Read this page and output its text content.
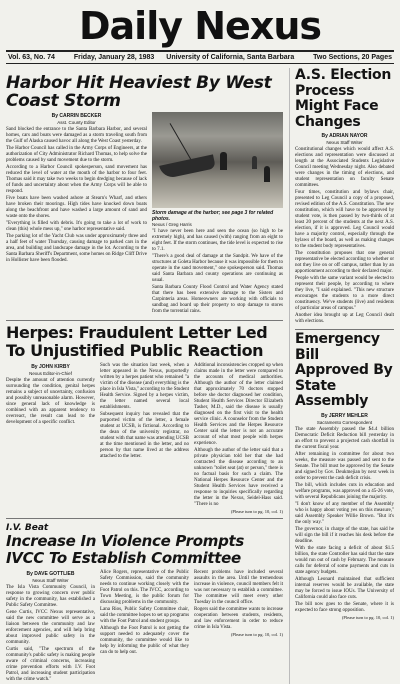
Daily Nexus
Vol. 63, No. 74	Friday, January 28, 1983 University of California, Santa Barbara	Two Sections, 20 Pages
Harbor Hit Heaviest By West Coast Storm
By CARRIN BECKER
Asst. County Editor

Sand blocked the entrance to the Santa Barbara Harbor, and several homes, cars and boats were damaged as a storm traveling south from the Gulf of Alaska caused havoc all along the West Coast yesterday.

The Harbor Council has called in the Army Corps of Engineers, at the authorization of City Administrator Richard Thomas, to help solve the problems caused by sand movement due to the storm.

According to a Harbor Council spokesperson, sand movement has reduced the level of water at the mouth of the harbor to four feet. Thomas said it may take two weeks to begin dredging because of lack of funds and uncertainty about when the Army Corps will be able to respond.

Five boats have been washed ashore at Stearn's Wharf, and others have broken their moorings. High tides have knocked down boats along the beachfront and have washed a large amount of sand and waste onto the shores.

"Everything is filled with debris. It's going to take a lot of work to clean (this) whole mess up," one harbor representative said.

The parking lot of the Yacht Club was under approximately three and a half feet of water Thursday, causing damage to parked cars in the area, and building and landscape damage in the lot. According to the Santa Barbara Sheriff's Department, some homes on Ridge Cliff Drive in Hollister have been flooded.

Storm damage at the harbor; see page 3 for related photos.
Nexus / Greg Harris

"I have never been here and seen the ocean (so high to be extremely high), and has caused (with) ranging from an eight to eight feet. If the storm continues, the tide level is expected to rise to 7.1.

"There's a good deal of damage at the Sandpit. We have of the structures at Goleta Harbor because it was impossible for them to operate in the sand movement," one spokesperson said. Thomas said Santa Barbara and county operations are continuing as usual.

Santa Barbara County Flood Control and Water Agency stated that there has been extensive damage to the Sisters and Carpinteria areas. Homeowners are working with officials to sandbag and board up their property to stop damage to stores from the torrential rains.

Herpes: Fraudulent Letter Led To Unjustified Public Reaction
By JOHN KIRBY
Nexus Editor-in-Chief

Despite the amount of attention currently surrounding the condition, genital herpes remains a subject of uncertainty, confusion and possibly unreasonable alarm. However, since general lack of knowledge is combined with an apparent tendency to overreact, the result can lead to the development of a specific conflict.

Such was the situation last week, when a letter appeared in the Nexus, purportedly written by a herpes patient who remained "a victim of the disease (and) everything is the place in Isla Vista," according to the Student Health Service. Signed by a herpes victim, the letter named several local establishments.

Subsequent inquiry has revealed that the purported victim of the letter, a female student at UCSB, is fictional. According to the dean of the university registrar, no student with that name was attending UCSB at the time mentioned in the letter, and no person by that name lived at the address attached to the letter.

Additional inconsistencies cropped up when claims made in the letter were compared to the accounts of medical authorities. Although the author of the letter claimed that approximately 70 doctors stopped before she doctor diagnosed her condition, Student Health Services Director Elizabeth Tasher, M.D., said the disease is usually diagnosed on the first visit to the health service clinic. A counselor from the Student Health Services and the Herpes Resource Center said the letter is not an accurate account of what most people with herpes experience.

Although the author of the letter said that a private physician told her that she had contracted the disease according to an unknown "toilet seat (at) or person," there is no factual basis for such a claim. The National Herpes Resource Center and the Student Health Services have received a response to inquiries specifically regarding the letter in the Nexus, Seidel-Hass said. "There is no

(Please turn to pg. 10, col. 1)
I.V. Beat
Increase In Violence Prompts IVCC To Establish Committee
By DAVE GOTTLIEB
Nexus Staff Writer

The Isla Vista Community Council, in response to growing concern over public safety in the community, has established a Public Safety Committee.

Gene Curtis, IVCC Nexus representative, said the new committee will serve as a liaison between the community and law enforcement agencies, and will help bring about improved public safety in the community.

Curtis said, "The spectrum of the community's public safety is making people aware of criminal concerns, increasing crime prevention efforts with I.V. Foot Patrol, and increasing student participation with the crime watch."

Alice Rogers, representative of the Public Safety Commission, said the community needs to continue working closely with the Foot Patrol on this. The IVCC, according to Town Meeting, is the public forum for discussing problems in the community.

Lana Rios, Public Safety Committee chair, said the committee hopes to set up programs with the Foot Patrol and student groups.

Although the Foot Patrol is not getting the support needed to adequately cover the community, the committee would like to help by informing the public of what they can do to help out.

Recent problems have included several assaults in the area. Until the tremendous increase in violence, council members felt it was not necessary to establish a committee. The committee will meet every other Tuesday in the council office.

Rogers said the committee wants to increase cooperation between students, residents, and law enforcement in order to reduce crime in Isla Vista.

(Please turn to pg. 10, col. 1)
A.S. Election Process Might Face Changes
By ADRIAN NAYOR
Nexus Staff Writer

Constitutional changes which would affect A.S. elections and representation were discussed at length at the Associated Students Legislative Council meeting Wednesday night. Also debated were changes in the timing of elections, and student representation on faculty Senate committees.

Four times, constitution and bylaws chair, presented to Leg Council a copy of a proposed, revised edition of the A.S. Constitution. The new constitution, which will have to be approved by student vote, is then passed by two-thirds of at least 20 percent of the students at the next A.S. election, if it is approved. Leg Council would have a majority control, especially through the bylaws of the board, as well as making changes to the student body representatives.

The constitution proposes that one general representative be elected according to whether or not they live on or off campus, rather than by an apportionment according to their declared major.

People with the same variant would be elected to represent their people, by according to where they live, "I said explained. "This new structure encourages the students to a more direct constituency. We've students (live) and residents of particular areas of campus."

Another idea brought up at Leg Council dealt with elections.

Emergency Bill Approved By State Assembly
By JERRY MEHLER
Sacramento Correspondent

The state Assembly passed the $4.4 billion Democratic Deficit Reduction bill yesterday in an effort to prevent a projected cash shortfall in the current fiscal year.

After remaining in committee for about two weeks, the measure was passed and sent to the Senate. The bill must be approved by the Senate and signed by Gov. Deukmejian by next week in order to prevent the cash deficit crisis.

The bill, which includes cuts in education and welfare programs, was approved on a 45-26 vote, with several Republicans joining the majority.

"I don't know of any member of the Assembly who is happy about voting yes on this measure," said Assembly Speaker Willie Brown. "But it's the only way."

The governor, in charge of the state, has said he will sign the bill if it reaches his desk before the deadline.

With the state facing a deficit of about $1.5 billion, the state Controller has said that the state would run out of cash by February. The measure calls for deferral of some payments and cuts in state agency budgets.

Although Leonard maintained that sufficient internal reserves would be available, the state may be forced to issue IOUs. The University of California could also face cuts.

The bill now goes to the Senate, where it is expected to face strong opposition.

(Please turn to pg. 10, col. 1)
